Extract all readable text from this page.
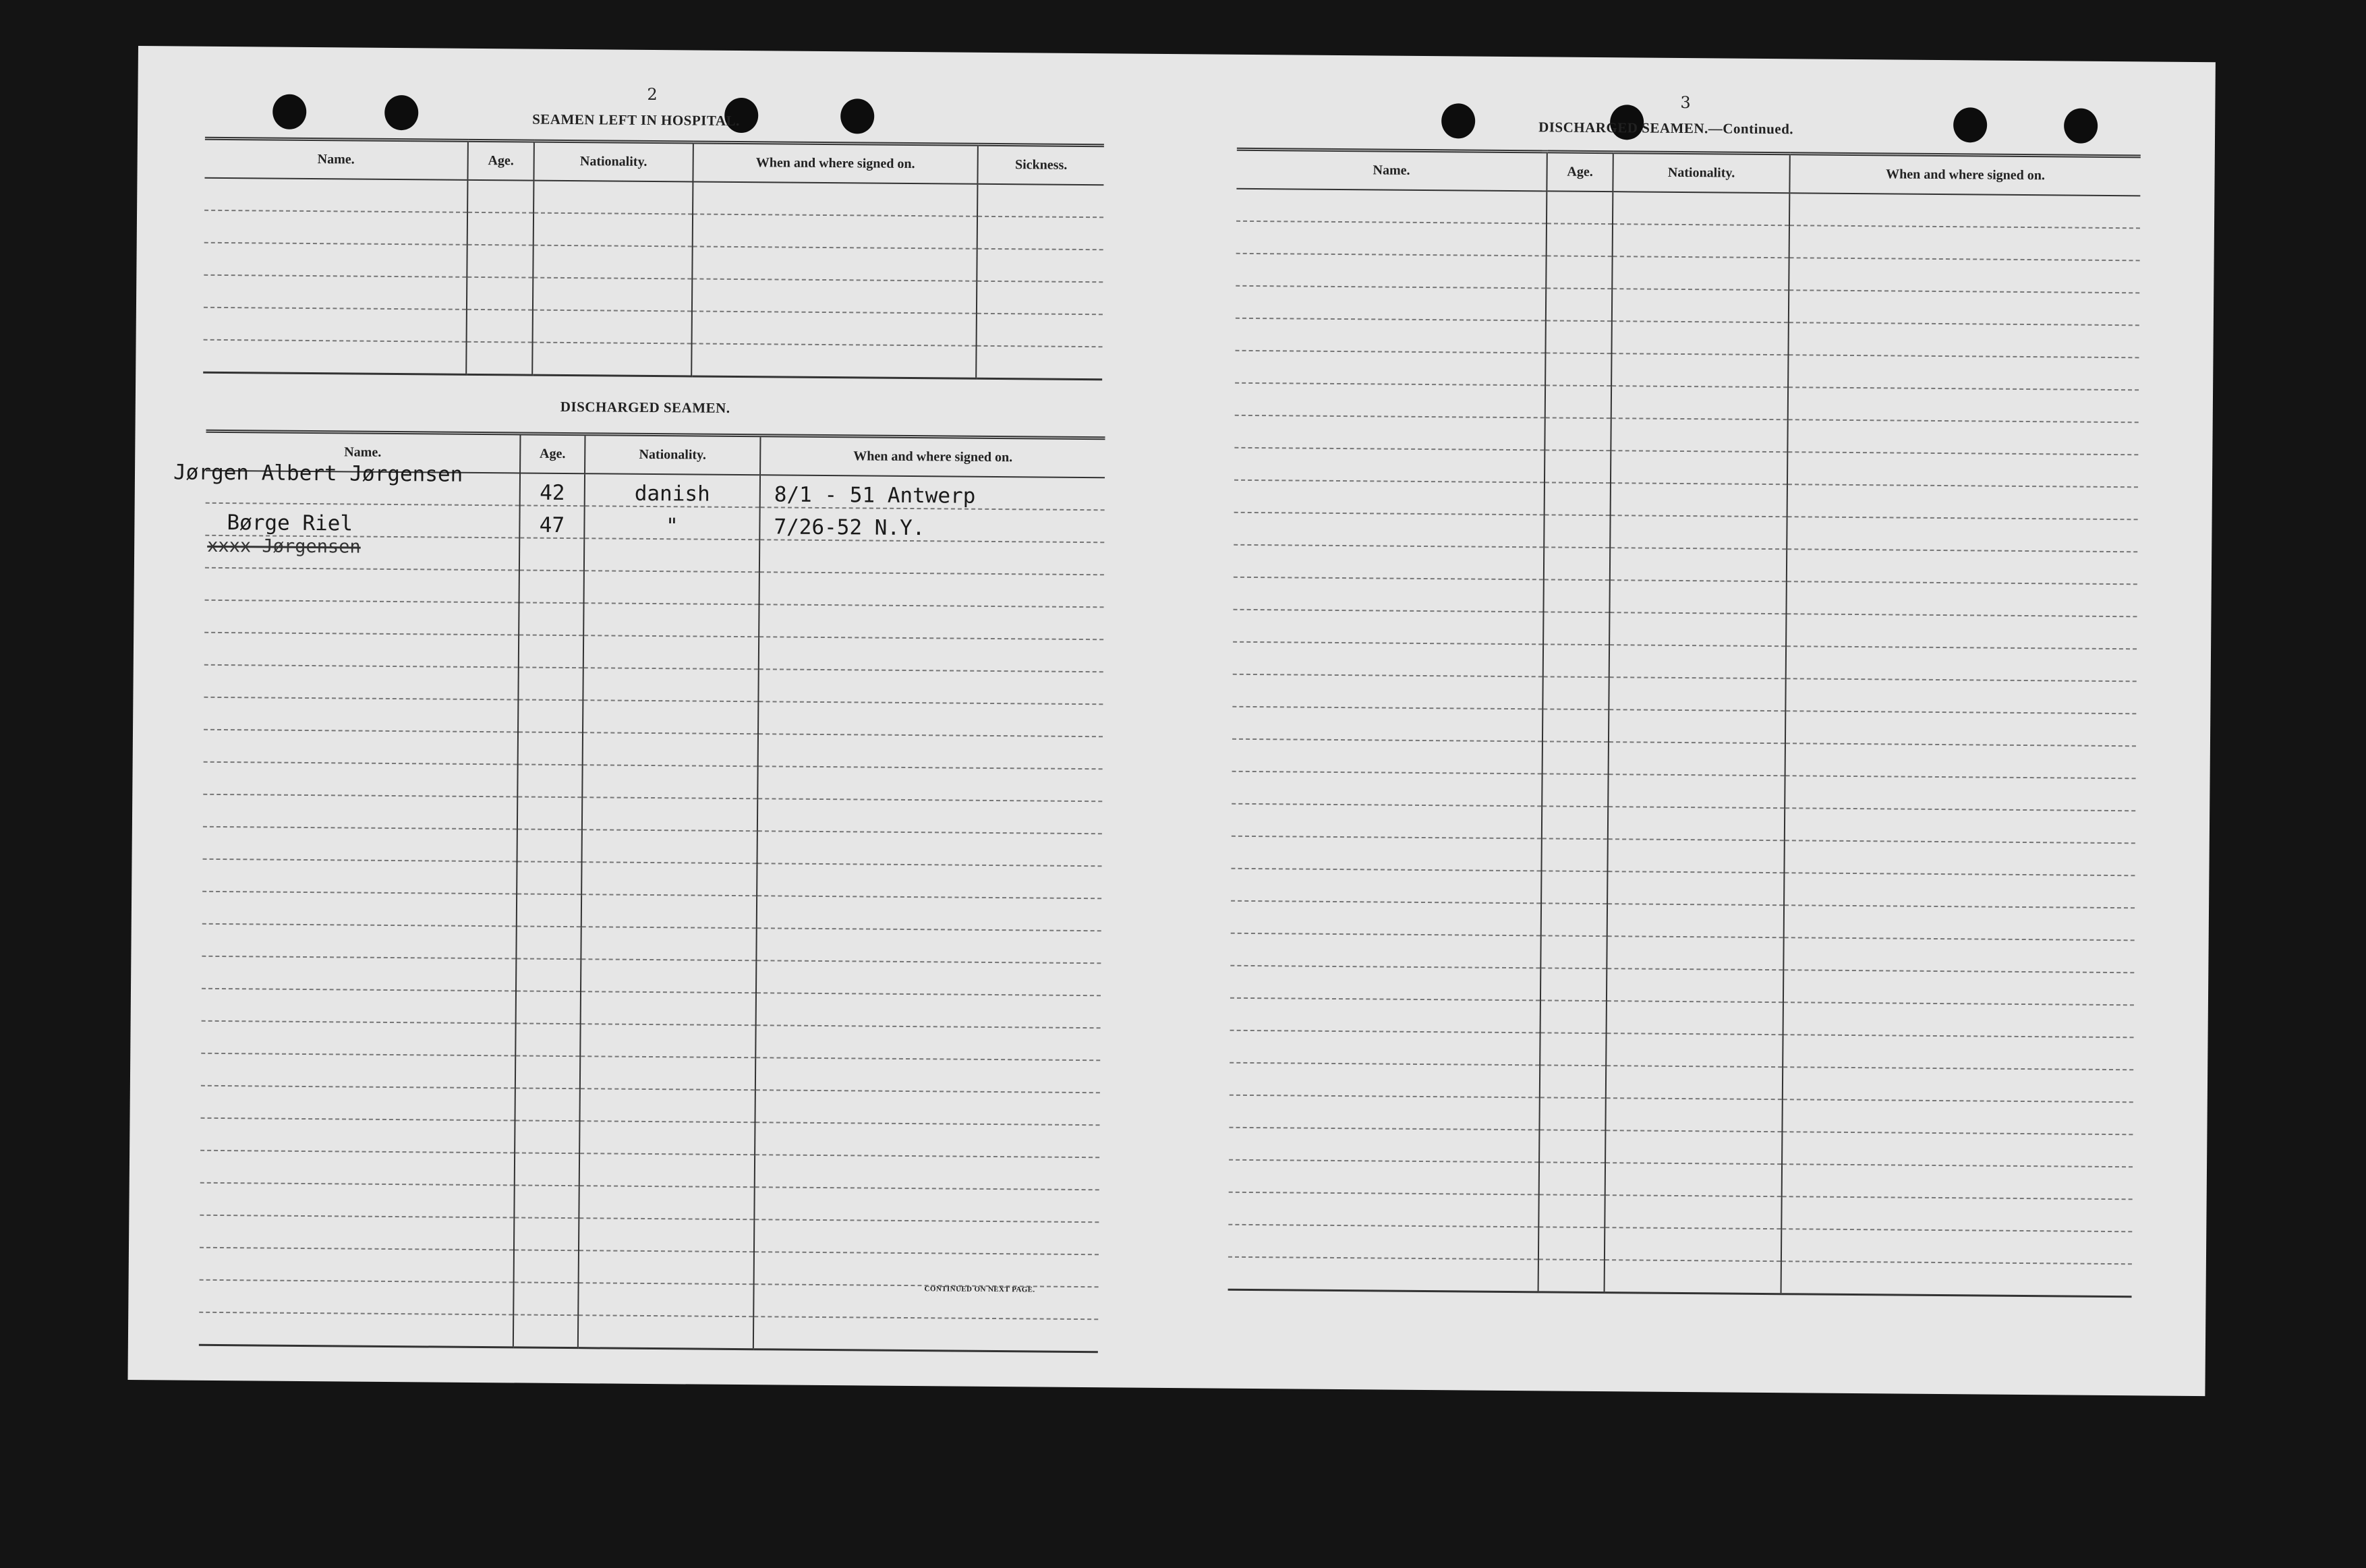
2
SEAMEN LEFT IN HOSPITAL.
Name.	Age.	Nationality.	When and where signed on.	Sickness.

DISCHARGED SEAMEN.
Name.	Age.	Nationality.	When and where signed on.
Jørgen Albert Jørgensen	42	danish	8/1 - 51 Antwerp
Børge Riel	47	"	7/26-52 N.Y.

xxxx Jørgensen
CONTINUED ON NEXT PAGE.
3
DISCHARGED SEAMEN.—Continued.
Name.	Age.	Nationality.	When and where signed on.
